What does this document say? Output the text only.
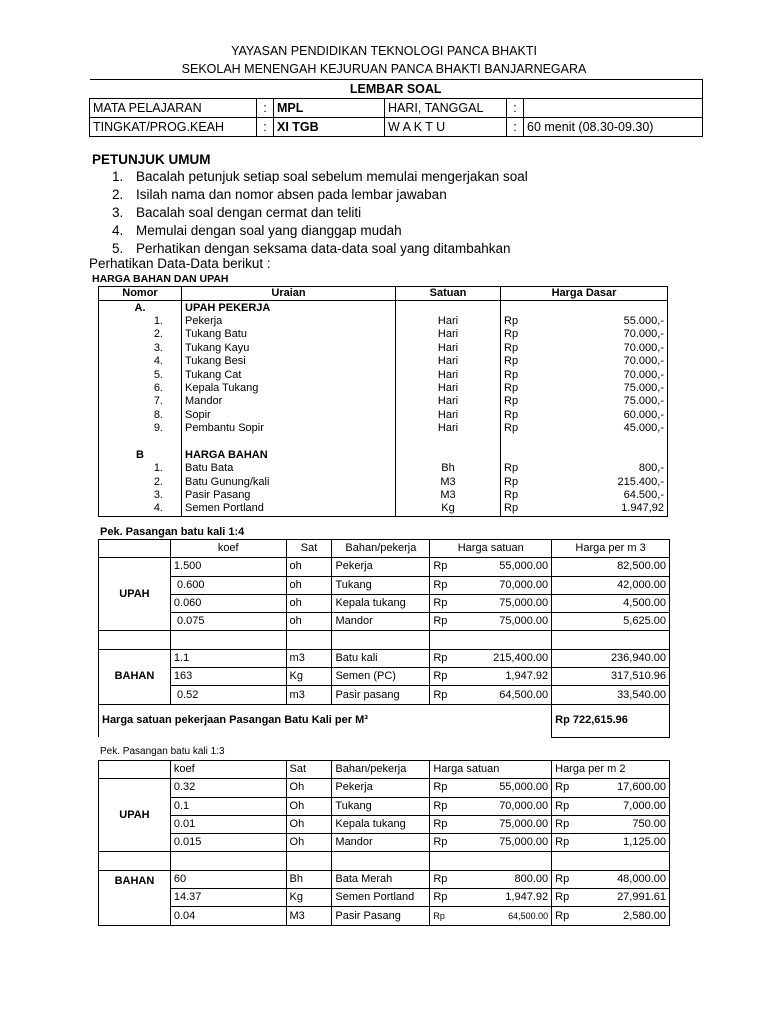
YAYASAN PENDIDIKAN TEKNOLOGI PANCA BHAKTI
SEKOLAH MENENGAH KEJURUAN PANCA BHAKTI BANJARNEGARA
LEMBAR SOAL					
MATA PELAJARAN	:	MPL	HARI, TANGGAL	:	
TINGKAT/PROG.KEAH	:	XI TGB	W A K T U	:	60 menit (08.30-09.30)
PETUNJUK UMUM
1. Bacalah petunjuk setiap soal sebelum memulai mengerjakan soal
2. Isilah nama dan nomor absen pada lembar jawaban
3. Bacalah soal dengan cermat dan teliti
4. Memulai dengan soal yang dianggap mudah
5. Perhatikan dengan seksama data-data soal yang ditambahkan
Perhatikan Data-Data berikut :
HARGA BAHAN DAN UPAH
Nomor	Uraian	Satuan	Harga Dasar
A.	UPAH PEKERJA		
1.	Pekerja	Hari	Rp 55.000,-

2.	Tukang Batu	Hari	Rp 70.000,-

3.	Tukang Kayu	Hari	Rp 70.000,-

4.	Tukang Besi	Hari	Rp 70.000,-

5.	Tukang Cat	Hari	Rp 70.000,-

6.	Kepala Tukang	Hari	Rp 75.000,-

7.	Mandor	Hari	Rp 75.000,-

8.	Sopir	Hari	Rp 60.000,-

9.	Pembantu Sopir	Hari	Rp 45.000,-

B	HARGA BAHAN		
1.	Batu Bata	Bh	Rp 800,-

2.	Batu Gunung/kali	M3	Rp 215.400,-

3.	Pasir Pasang	M3	Rp 64.500,-

4.	Semen Portland	Kg	Rp 1.947,92
Pek. Pasangan batu kali 1:4
	koef	Sat	Bahan/pekerja	Harga satuan	Harga per m 3
UPAH	1.500	oh	Pekerja	Rp 55,000.00	82,500.00
	0.600	oh	Tukang	Rp 70,000.00	42,000.00
	0.060	oh	Kepala tukang	Rp 75,000.00	4,500.00
	0.075	oh	Mandor	Rp 75,000.00	5,625.00

BAHAN	1.1	m3	Batu kali	Rp 215,400.00	236,940.00
	163	Kg	Semen (PC)	Rp 1,947.92	317,510.96
	0.52	m3	Pasir pasang	Rp 64,500.00	33,540.00
Harga satuan pekerjaan Pasangan Batu Kali per M³					Rp 722,615.96
Pek. Pasangan batu kali 1:3
	koef	Sat	Bahan/pekerja	Harga satuan	Harga per m 2
UPAH	0.32	Oh	Pekerja	Rp 55,000.00	Rp 17,600.00

	0.1	Oh	Tukang	Rp 70,000.00	Rp 7,000.00

	0.01	Oh	Kepala tukang	Rp 75,000.00	Rp 750.00

	0.015	Oh	Mandor	Rp 75,000.00	Rp 1,125.00

BAHAN	60	Bh	Bata Merah	Rp 800.00	Rp 48,000.00

	14.37	Kg	Semen Portland	Rp 1,947.92	Rp 27,991.61

	0.04	M3	Pasir Pasang	Rp 64,500.00	Rp 2,580.00
